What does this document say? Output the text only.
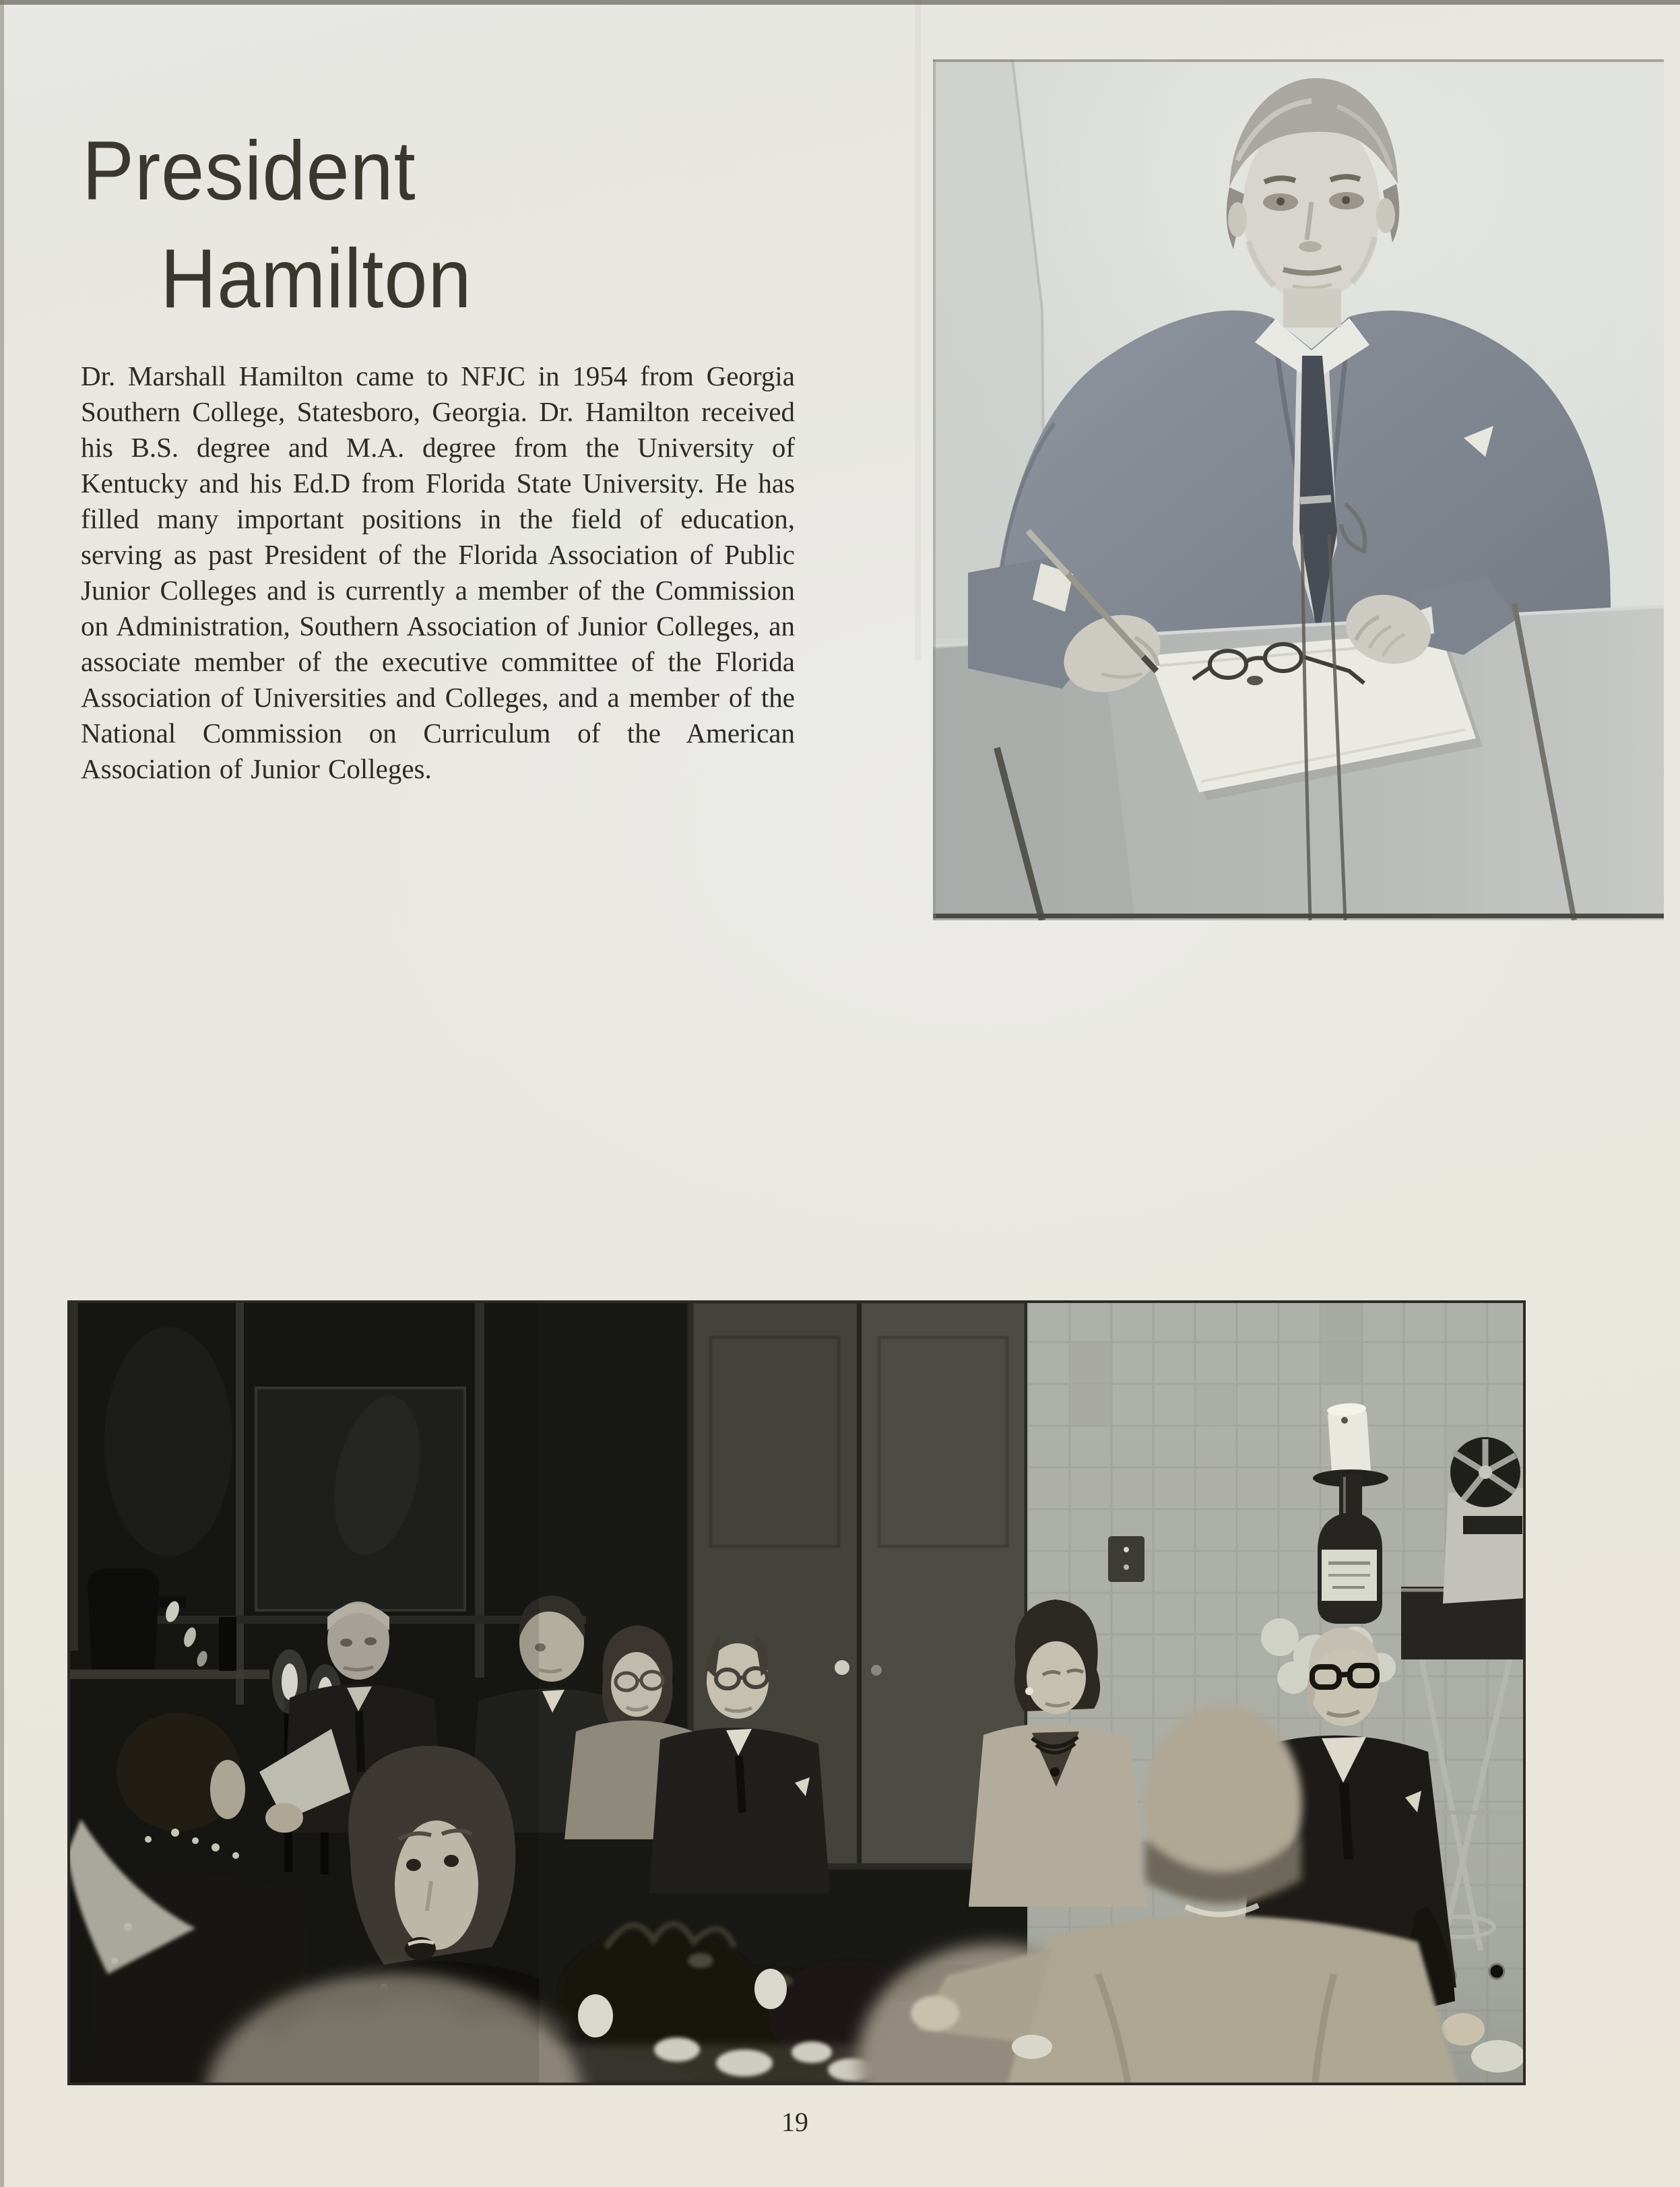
President
Hamilton

Dr. Marshall Hamilton came to NFJC in 1954 from Georgia Southern College, Statesboro, Georgia. Dr. Hamilton received his B.S. degree and M.A. degree from the University of Kentucky and his Ed.D from Florida State University. He has filled many important positions in the field of education, serving as past President of the Florida Association of Public Junior Colleges and is currently a member of the Commission on Administration, Southern Association of Junior Colleges, an associate member of the executive committee of the Florida Association of Universities and Colleges, and a member of the National Commission on Curriculum of the American Association of Junior Colleges.

19
